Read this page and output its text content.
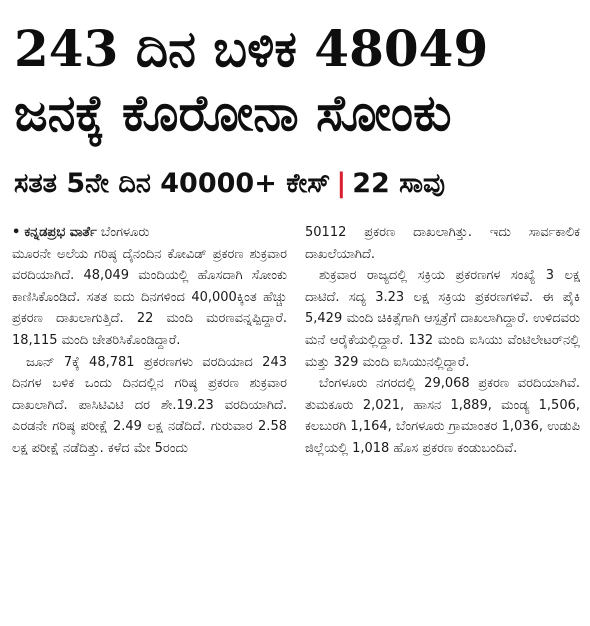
243 ದಿನ ಬಳಿಕ 48049
ಜನಕ್ಕೆ ಕೊರೋನಾ ಸೋಂಕು
ಸತತ 5ನೇ ದಿನ 40000+ ಕೇಸ್ | 22 ಸಾವು

• ಕನ್ನಡಪ್ರಭ ವಾರ್ತೆ ಬೆಂಗಳೂರು
ಮೂರನೇ ಅಲೆಯ ಗರಿಷ್ಠ ದೈನಂದಿನ ಕೋವಿಡ್ ಪ್ರಕರಣ ಶುಕ್ರವಾರ ವರದಿಯಾಗಿದೆ. 48,049 ಮಂದಿಯಲ್ಲಿ ಹೊಸದಾಗಿ ಸೋಂಕು ಕಾಣಿಸಿಕೊಂಡಿದೆ. ಸತತ ಐದು ದಿನಗಳಿಂದ 40,000ಕ್ಕಿಂತ ಹೆಚ್ಚು ಪ್ರಕರಣ ದಾಖಲಾಗುತ್ತಿದೆ. 22 ಮಂದಿ ಮರಣವನ್ನಪ್ಪಿದ್ದಾರೆ. 18,115 ಮಂದಿ ಚೇತರಿಸಿಕೊಂಡಿದ್ದಾರೆ.

ಜೂನ್ 7ಕ್ಕೆ 48,781 ಪ್ರಕರಣಗಳು ವರದಿಯಾದ 243 ದಿನಗಳ ಬಳಿಕ ಒಂದು ದಿನದಲ್ಲಿನ ಗರಿಷ್ಠ ಪ್ರಕರಣ ಶುಕ್ರವಾರ ದಾಖಲಾಗಿದೆ. ಪಾಸಿಟಿವಿಟಿ ದರ ಶೇ.19.23 ವರದಿಯಾಗಿದೆ. ಎರಡನೇ ಗರಿಷ್ಠ ಪರೀಕ್ಷೆ 2.49 ಲಕ್ಷ ನಡೆದಿದೆ. ಗುರುವಾರ 2.58 ಲಕ್ಷ ಪರೀಕ್ಷೆ ನಡೆದಿತ್ತು. ಕಳೆದ ಮೇ 5ರಂದು

50112 ಪ್ರಕರಣ ದಾಖಲಾಗಿತ್ತು. ಇದು ಸಾರ್ವಕಾಲಿಕ ದಾಖಲೆಯಾಗಿದೆ.

ಶುಕ್ರವಾರ ರಾಜ್ಯದಲ್ಲಿ ಸಕ್ರಿಯ ಪ್ರಕರಣಗಳ ಸಂಖ್ಯೆ 3 ಲಕ್ಷ ದಾಟಿದೆ. ಸದ್ಯ 3.23 ಲಕ್ಷ ಸಕ್ರಿಯ ಪ್ರಕರಣಗಳಿವೆ. ಈ ಪೈಕಿ 5,429 ಮಂದಿ ಚಿಕಿತ್ಸೆಗಾಗಿ ಆಸ್ಪತ್ರೆಗೆ ದಾಖಲಾಗಿದ್ದಾರೆ. ಉಳಿದವರು ಮನೆ ಆರೈಕೆಯಲ್ಲಿದ್ದಾರೆ. 132 ಮಂದಿ ಐಸಿಯು ವೆಂಟಿಲೇಟರ್‌ನಲ್ಲಿ ಮತ್ತು 329 ಮಂದಿ ಐಸಿಯುನಲ್ಲಿದ್ದಾರೆ.

ಬೆಂಗಳೂರು ನಗರದಲ್ಲಿ 29,068 ಪ್ರಕರಣ ವರದಿಯಾಗಿವೆ. ತುಮಕೂರು 2,021, ಹಾಸನ 1,889, ಮಂಡ್ಯ 1,506, ಕಲಬುರಗಿ 1,164, ಬೆಂಗಳೂರು ಗ್ರಾಮಾಂತರ 1,036, ಉಡುಪಿ ಜಿಲ್ಲೆಯಲ್ಲಿ 1,018 ಹೊಸ ಪ್ರಕರಣ ಕಂಡುಬಂದಿವೆ.
